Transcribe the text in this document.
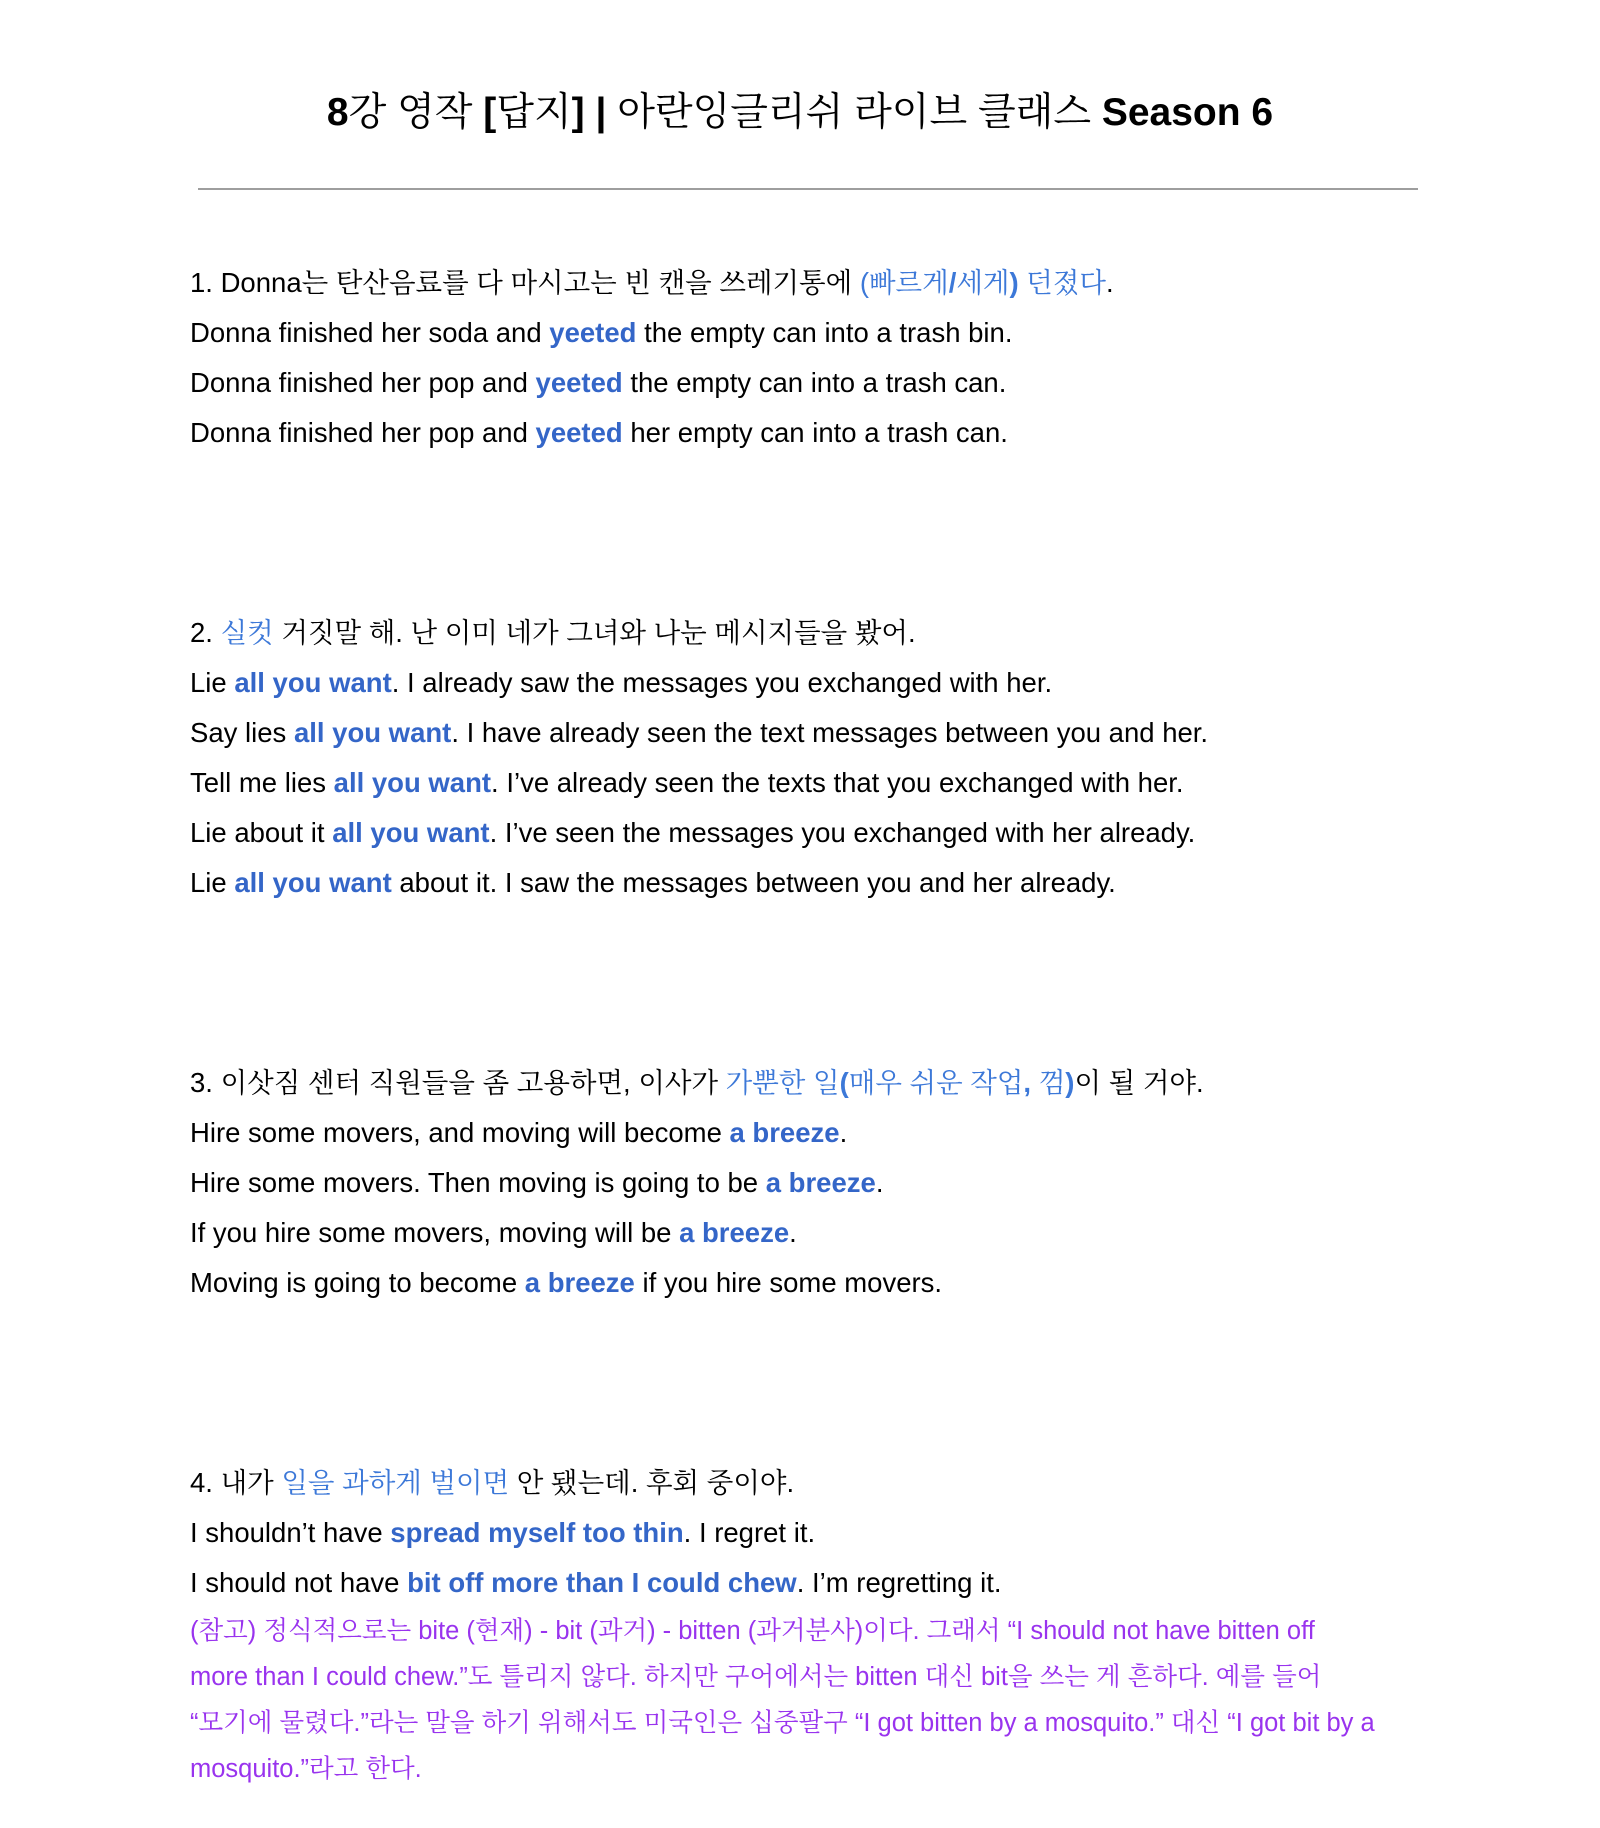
8강 영작 [답지] | 아란잉글리쉬 라이브 클래스 Season 6
1. Donna는 탄산음료를 다 마시고는 빈 캔을 쓰레기통에 (빠르게/세게) 던졌다.
Donna finished her soda and yeeted the empty can into a trash bin.
Donna finished her pop and yeeted the empty can into a trash can.
Donna finished her pop and yeeted her empty can into a trash can.
2. 실컷 거짓말 해. 난 이미 네가 그녀와 나눈 메시지들을 봤어.
Lie all you want. I already saw the messages you exchanged with her.
Say lies all you want. I have already seen the text messages between you and her.
Tell me lies all you want. I’ve already seen the texts that you exchanged with her.
Lie about it all you want. I’ve seen the messages you exchanged with her already.
Lie all you want about it. I saw the messages between you and her already.
3. 이삿짐 센터 직원들을 좀 고용하면, 이사가 가뿐한 일(매우 쉬운 작업, 껌)이 될 거야.
Hire some movers, and moving will become a breeze.
Hire some movers. Then moving is going to be a breeze.
If you hire some movers, moving will be a breeze.
Moving is going to become a breeze if you hire some movers.
4. 내가 일을 과하게 벌이면 안 됐는데. 후회 중이야.
I shouldn’t have spread myself too thin. I regret it.
I should not have bit off more than I could chew. I’m regretting it.
(참고) 정식적으로는 bite (현재) - bit (과거) - bitten (과거분사)이다. 그래서 “I should not have bitten off
more than I could chew.”도 틀리지 않다. 하지만 구어에서는 bitten 대신 bit을 쓰는 게 흔하다. 예를 들어
“모기에 물렸다.”라는 말을 하기 위해서도 미국인은 십중팔구 “I got bitten by a mosquito.” 대신 “I got bit by a
mosquito.”라고 한다.
